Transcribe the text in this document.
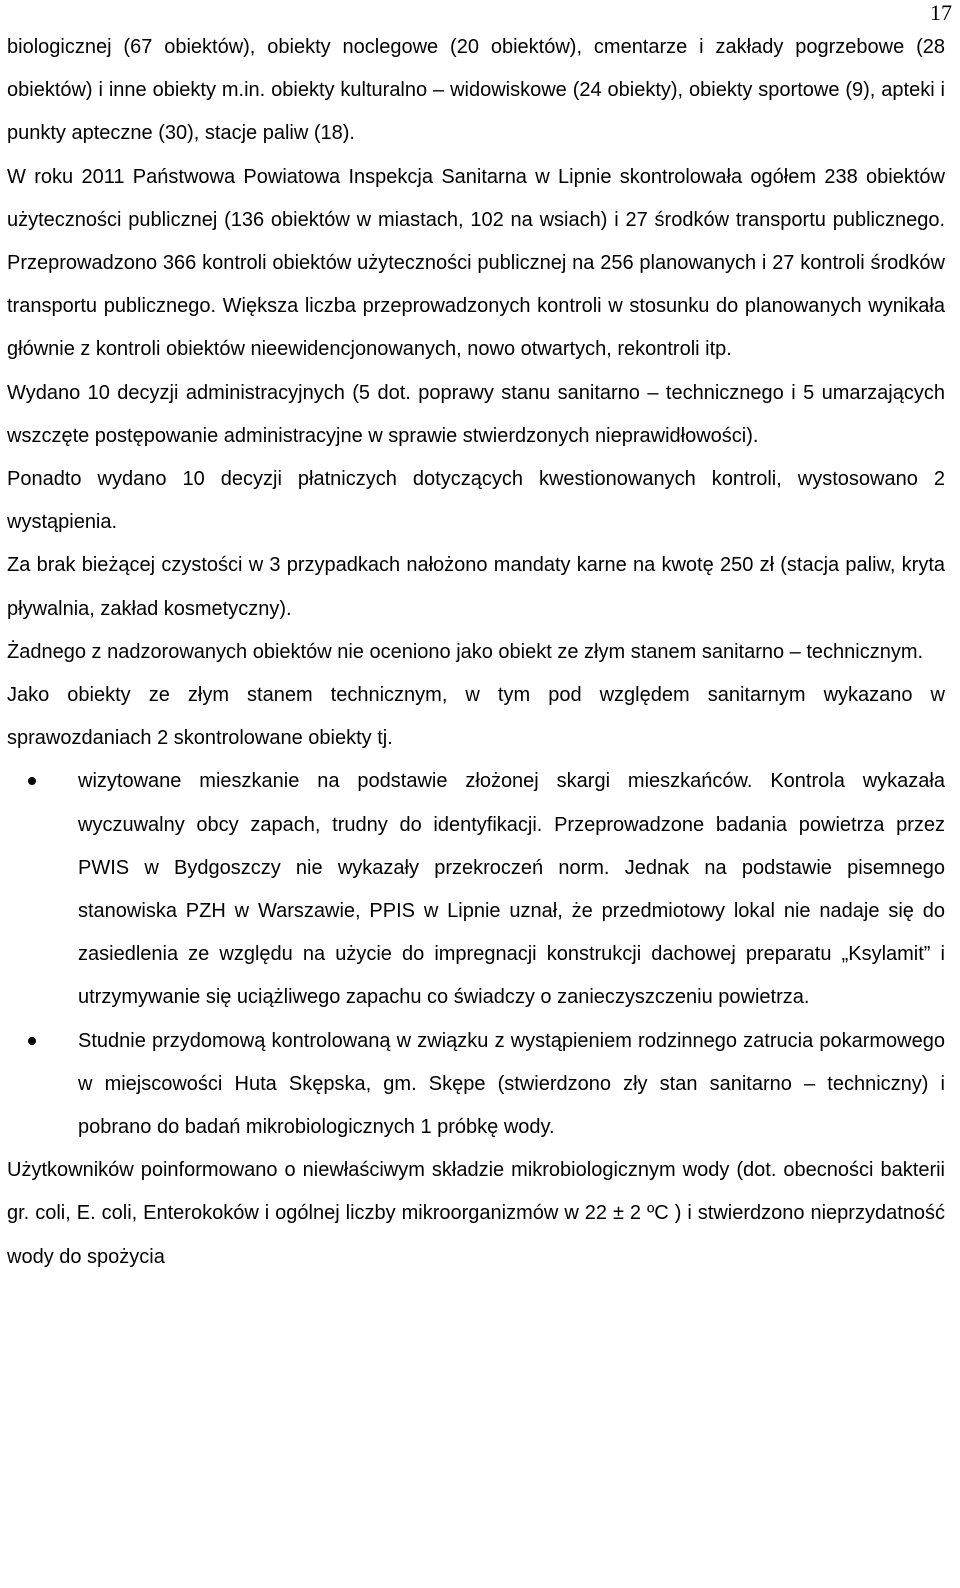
17

biologicznej (67 obiektów), obiekty noclegowe (20 obiektów), cmentarze i zakłady pogrzebowe (28 obiektów) i inne obiekty m.in. obiekty kulturalno – widowiskowe (24 obiekty), obiekty sportowe (9), apteki i punkty apteczne (30), stacje paliw (18).

W roku 2011 Państwowa Powiatowa Inspekcja Sanitarna w Lipnie skontrolowała ogółem 238 obiektów użyteczności publicznej (136 obiektów w miastach, 102 na wsiach) i 27 środków transportu publicznego. Przeprowadzono 366 kontroli obiektów użyteczności publicznej na 256 planowanych i 27 kontroli środków transportu publicznego. Większa liczba przeprowadzonych kontroli w stosunku do planowanych wynikała głównie z kontroli obiektów nieewidencjonowanych, nowo otwartych, rekontroli itp.

Wydano 10 decyzji administracyjnych (5 dot. poprawy stanu sanitarno – technicznego i 5 umarzających wszczęte postępowanie administracyjne w sprawie stwierdzonych nieprawidłowości).

Ponadto wydano 10 decyzji płatniczych dotyczących kwestionowanych kontroli, wystosowano 2 wystąpienia.

Za brak bieżącej czystości w 3 przypadkach nałożono mandaty karne na kwotę 250 zł (stacja paliw, kryta pływalnia, zakład kosmetyczny).

Żadnego z nadzorowanych obiektów nie oceniono jako obiekt ze złym stanem sanitarno – technicznym.

Jako obiekty ze złym stanem technicznym, w tym pod względem sanitarnym wykazano w sprawozdaniach 2 skontrolowane obiekty tj.

wizytowane mieszkanie na podstawie złożonej skargi mieszkańców. Kontrola wykazała wyczuwalny obcy zapach, trudny do identyfikacji. Przeprowadzone badania powietrza przez PWIS w Bydgoszczy nie wykazały przekroczeń norm. Jednak na podstawie pisemnego stanowiska PZH w Warszawie, PPIS w Lipnie uznał, że przedmiotowy lokal nie nadaje się do zasiedlenia ze względu na użycie do impregnacji konstrukcji dachowej preparatu „Ksylamit” i utrzymywanie się uciążliwego zapachu co świadczy o zanieczyszczeniu powietrza.
Studnie przydomową kontrolowaną w związku z wystąpieniem rodzinnego zatrucia pokarmowego w miejscowości Huta Skępska, gm. Skępe (stwierdzono zły stan sanitarno – techniczny) i pobrano do badań mikrobiologicznych 1 próbkę wody.

Użytkowników poinformowano o niewłaściwym składzie mikrobiologicznym wody (dot. obecności bakterii gr. coli, E. coli, Enterokoków i ogólnej liczby mikroorganizmów w 22 ± 2 ºC ) i stwierdzono nieprzydatność wody do spożycia
